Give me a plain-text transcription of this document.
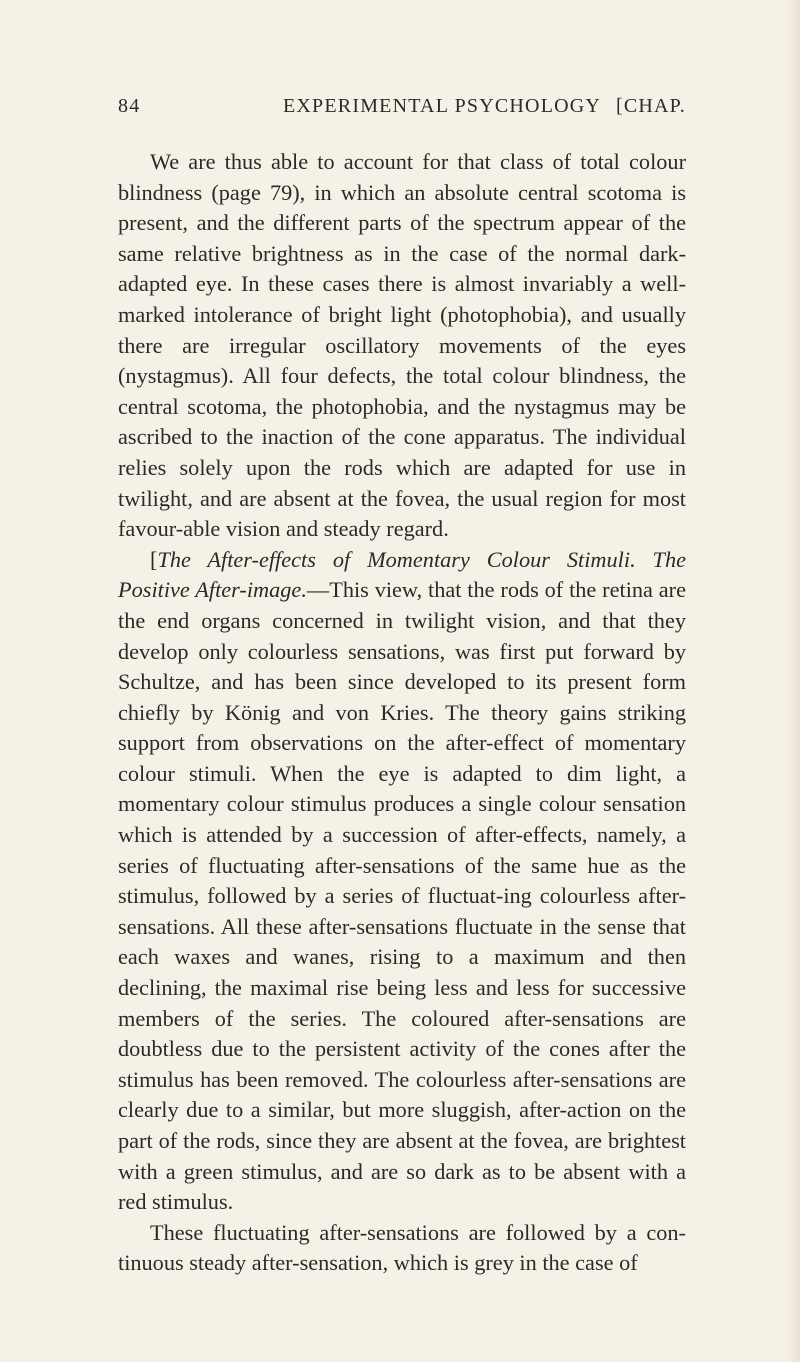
84	EXPERIMENTAL PSYCHOLOGY [CHAP.

We are thus able to account for that class of total colour blindness (page 79), in which an absolute central scotoma is present, and the different parts of the spectrum appear of the same relative brightness as in the case of the normal dark-adapted eye. In these cases there is almost invariably a well-marked intolerance of bright light (photophobia), and usually there are irregular oscillatory movements of the eyes (nystagmus). All four defects, the total colour blindness, the central scotoma, the photophobia, and the nystagmus may be ascribed to the inaction of the cone apparatus. The individual relies solely upon the rods which are adapted for use in twilight, and are absent at the fovea, the usual region for most favour-able vision and steady regard.

[The After-effects of Momentary Colour Stimuli. The Positive After-image.—This view, that the rods of the retina are the end organs concerned in twilight vision, and that they develop only colourless sensations, was first put forward by Schultze, and has been since developed to its present form chiefly by König and von Kries. The theory gains striking support from observations on the after-effect of momentary colour stimuli. When the eye is adapted to dim light, a momentary colour stimulus produces a single colour sensation which is attended by a succession of after-effects, namely, a series of fluctuating after-sensations of the same hue as the stimulus, followed by a series of fluctuat-ing colourless after-sensations. All these after-sensations fluctuate in the sense that each waxes and wanes, rising to a maximum and then declining, the maximal rise being less and less for successive members of the series. The coloured after-sensations are doubtless due to the persistent activity of the cones after the stimulus has been removed. The colourless after-sensations are clearly due to a similar, but more sluggish, after-action on the part of the rods, since they are absent at the fovea, are brightest with a green stimulus, and are so dark as to be absent with a red stimulus.

These fluctuating after-sensations are followed by a con-tinuous steady after-sensation, which is grey in the case of
